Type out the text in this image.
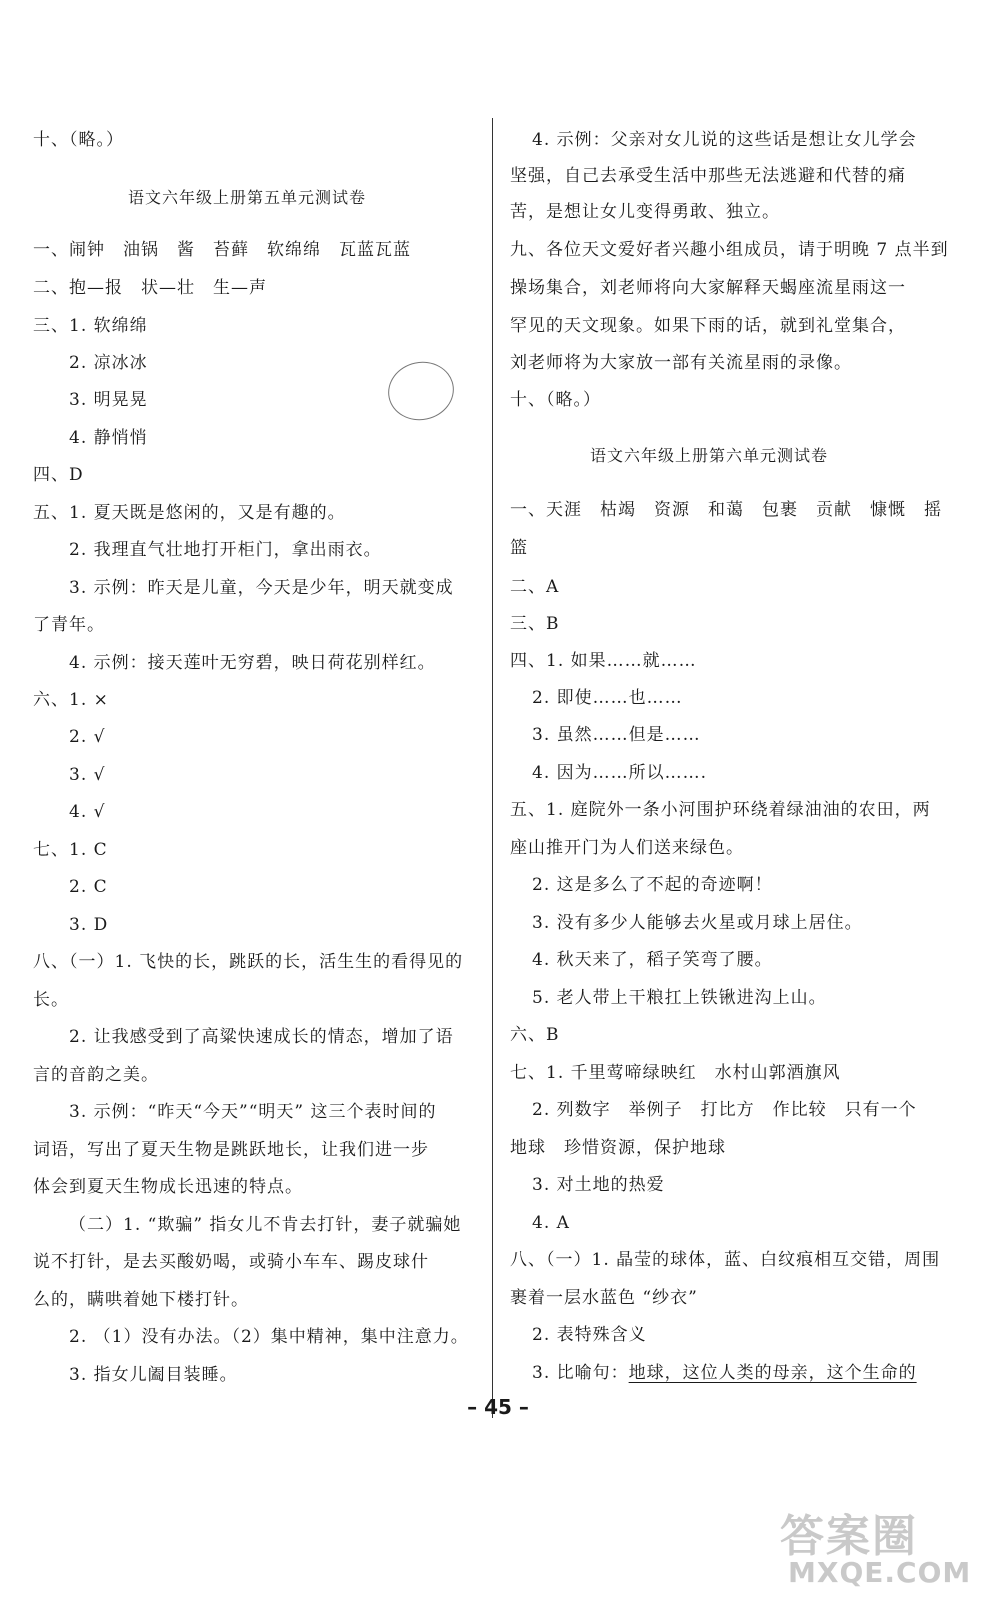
十、（略。）
语文六年级上册第五单元测试卷
一、闹钟　油锅　酱　苔藓　软绵绵　瓦蓝瓦蓝
二、抱—报　状—壮　生—声
三、1. 软绵绵
2. 凉冰冰
3. 明晃晃
4. 静悄悄
四、D
五、1. 夏天既是悠闲的，又是有趣的。
2. 我理直气壮地打开柜门，拿出雨衣。
3. 示例：昨天是儿童，今天是少年，明天就变成
了青年。
4. 示例：接天莲叶无穷碧，映日荷花别样红。
六、1. ×
2. √
3. √
4. √
七、1. C
2. C
3. D
八、（一）1. 飞快的长，跳跃的长，活生生的看得见的
长。
2. 让我感受到了高粱快速成长的情态，增加了语
言的音韵之美。
3. 示例：“昨天“今天”“明天” 这三个表时间的
词语，写出了夏天生物是跳跃地长，让我们进一步
体会到夏天生物成长迅速的特点。
（二）1. “欺骗” 指女儿不肯去打针，妻子就骗她
说不打针，是去买酸奶喝，或骑小车车、踢皮球什
么的，瞒哄着她下楼打针。
2. （1）没有办法。（2）集中精神，集中注意力。
3. 指女儿阖目装睡。
4. 示例：父亲对女儿说的这些话是想让女儿学会
坚强，自己去承受生活中那些无法逃避和代替的痛
苦，是想让女儿变得勇敢、独立。
九、各位天文爱好者兴趣小组成员，请于明晚 7 点半到
操场集合，刘老师将向大家解释天蝎座流星雨这一
罕见的天文现象。如果下雨的话，就到礼堂集合，
刘老师将为大家放一部有关流星雨的录像。
十、（略。）
语文六年级上册第六单元测试卷
一、天涯　枯竭　资源　和蔼　包裹　贡献　慷慨　摇
篮
二、A
三、B
四、1. 如果……就……
2. 即使……也……
3. 虽然……但是……
4. 因为……所以…….
五、1. 庭院外一条小河围护环绕着绿油油的农田，两
座山推开门为人们送来绿色。
2. 这是多么了不起的奇迹啊！
3. 没有多少人能够去火星或月球上居住。
4. 秋天来了，稻子笑弯了腰。
5. 老人带上干粮扛上铁锹进沟上山。
六、B
七、1. 千里莺啼绿映红　水村山郭酒旗风
2. 列数字　举例子　打比方　作比较　只有一个
地球　珍惜资源，保护地球
3. 对土地的热爱
4. A
八、（一）1. 晶莹的球体，蓝、白纹痕相互交错，周围
裹着一层水蓝色 “纱衣”
2. 表特殊含义
3. 比喻句：地球，这位人类的母亲，这个生命的
– 45 –
答案圈
MXQE.COM
